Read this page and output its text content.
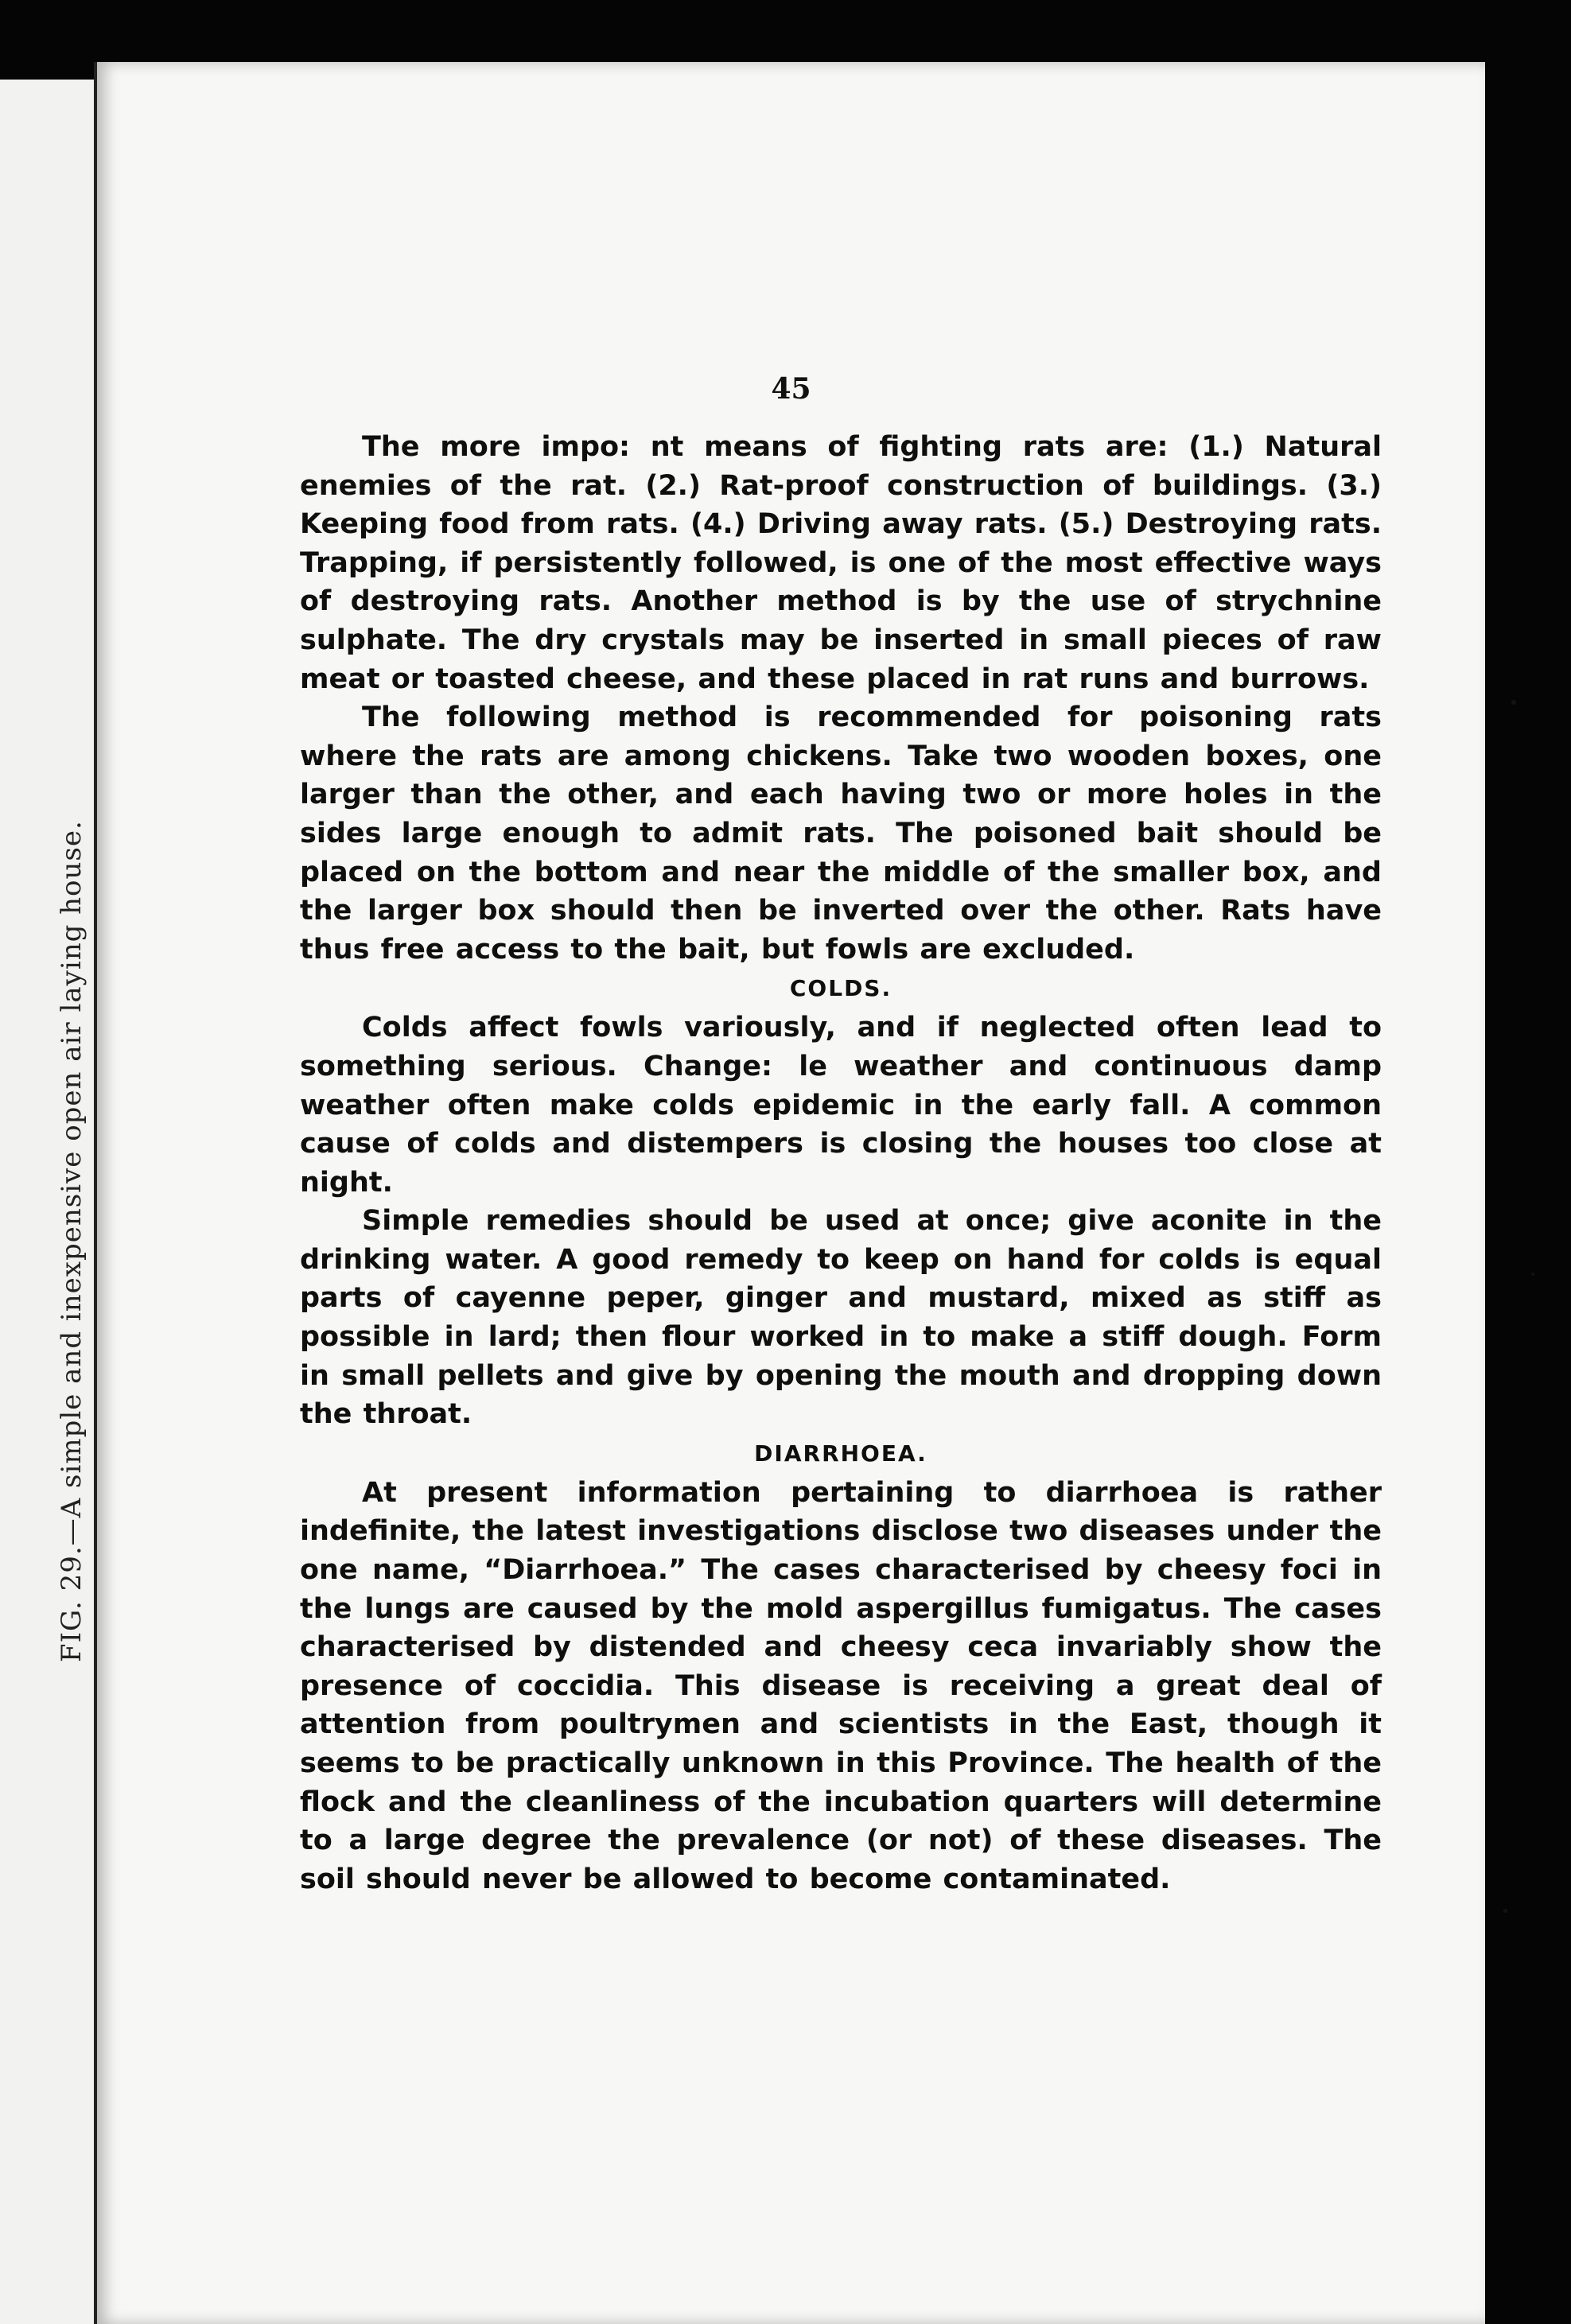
FIG. 29.—A simple and inexpensive open air laying house.
45

The more impo: nt means of fighting rats are: (1.) Natural enemies of the rat. (2.) Rat-proof construction of buildings. (3.) Keeping food from rats. (4.) Driving away rats. (5.) Destroying rats. Trapping, if persistently followed, is one of the most effective ways of destroying rats. Another method is by the use of strychnine sulphate. The dry crystals may be inserted in small pieces of raw meat or toasted cheese, and these placed in rat runs and burrows.

The following method is recommended for poisoning rats where the rats are among chickens. Take two wooden boxes, one larger than the other, and each having two or more holes in the sides large enough to admit rats. The poisoned bait should be placed on the bottom and near the middle of the smaller box, and the larger box should then be inverted over the other. Rats have thus free access to the bait, but fowls are excluded.

COLDS.

Colds affect fowls variously, and if neglected often lead to something serious. Change: le weather and continuous damp weather often make colds epidemic in the early fall. A common cause of colds and distempers is closing the houses too close at night.

Simple remedies should be used at once; give aconite in the drinking water. A good remedy to keep on hand for colds is equal parts of cayenne peper, ginger and mustard, mixed as stiff as possible in lard; then flour worked in to make a stiff dough. Form in small pellets and give by opening the mouth and dropping down the throat.

DIARRHOEA.

At present information pertaining to diarrhoea is rather indefinite, the latest investigations disclose two diseases under the one name, “Diarrhoea.” The cases characterised by cheesy foci in the lungs are caused by the mold aspergillus fumigatus. The cases characterised by distended and cheesy ceca invariably show the presence of coccidia. This disease is receiving a great deal of attention from poultrymen and scientists in the East, though it seems to be practically unknown in this Province. The health of the flock and the cleanliness of the incubation quarters will determine to a large degree the prevalence (or not) of these diseases. The soil should never be allowed to become contaminated.
